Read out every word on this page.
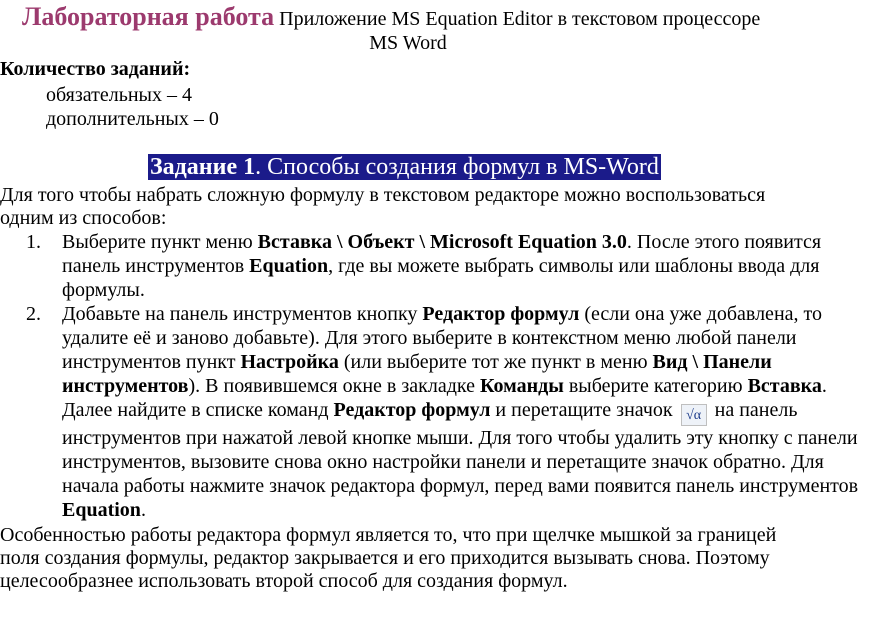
Лабораторная работа Приложение MS Equation Editor в текстовом процессоре
MS Word
Количество заданий:
обязательных – 4
дополнительных – 0
Задание 1. Способы создания формул в MS-Word
Для того чтобы набрать сложную формулу в текстовом редакторе можно воспользоваться одним из способов:
1. Выберите пункт меню Вставка \ Объект \ Microsoft Equation 3.0. После этого появится панель инструментов Equation, где вы можете выбрать символы или шаблоны ввода для формулы.
2. Добавьте на панель инструментов кнопку Редактор формул (если она уже добавлена, то удалите её и заново добавьте). Для этого выберите в контекстном меню любой панели инструментов пункт Настройка (или выберите тот же пункт в меню Вид \ Панели инструментов). В появившемся окне в закладке Команды выберите категорию Вставка. Далее найдите в списке команд Редактор формул и перетащите значок √α на панель инструментов при нажатой левой кнопке мыши. Для того чтобы удалить эту кнопку с панели инструментов, вызовите снова окно настройки панели и перетащите значок обратно. Для начала работы нажмите значок редактора формул, перед вами появится панель инструментов Equation.
Особенностью работы редактора формул является то, что при щелчке мышкой за границей поля создания формулы, редактор закрывается и его приходится вызывать снова. Поэтому целесообразнее использовать второй способ для создания формул.
